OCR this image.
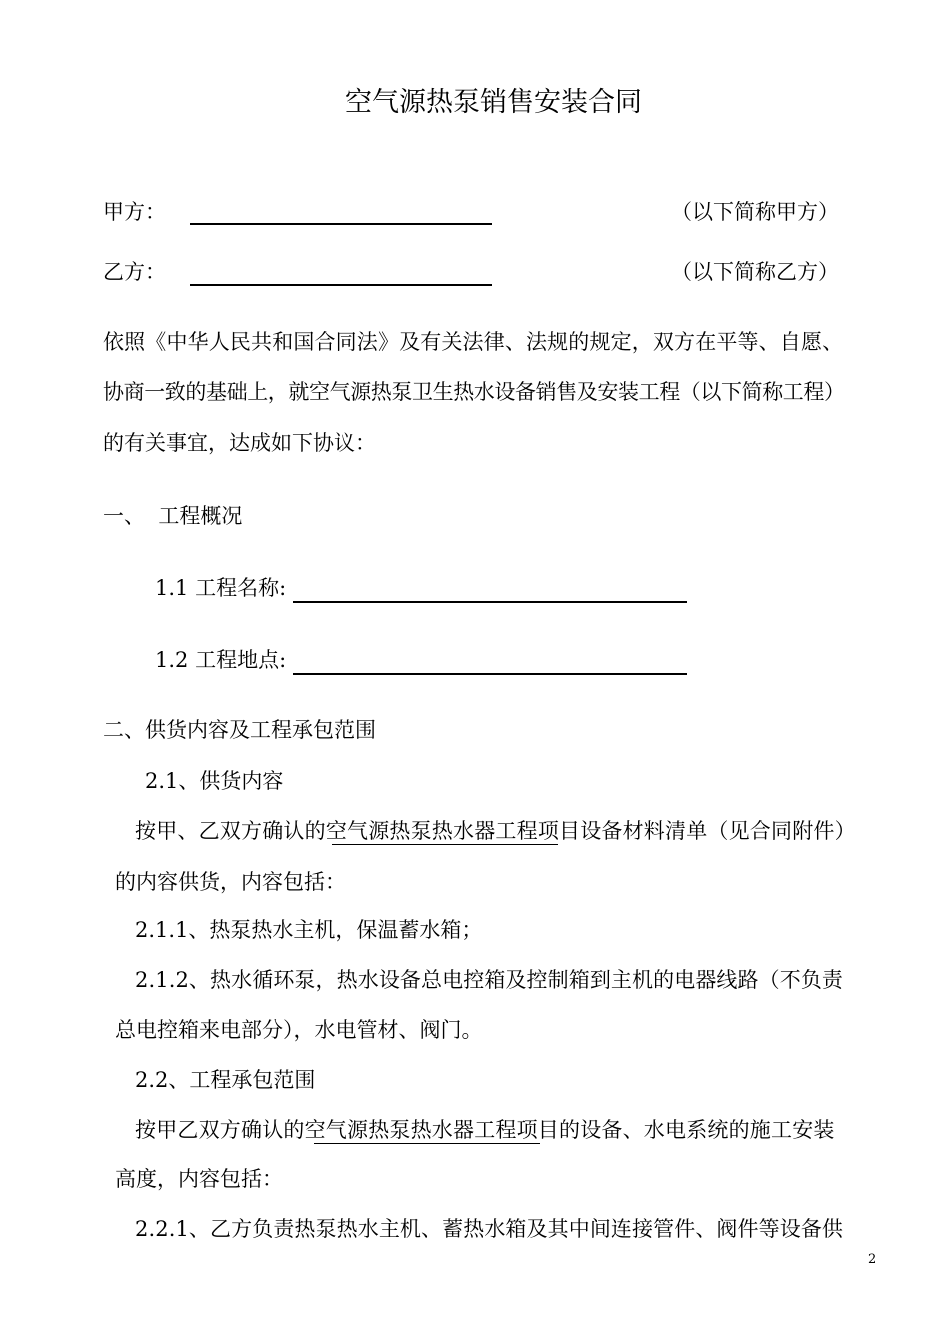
空气源热泵销售安装合同
甲方：	（以下简称甲方）
乙方：	（以下简称乙方）
依照《中华人民共和国合同法》及有关法律、法规的规定，双方在平等、自愿、
协商一致的基础上，就空气源热泵卫生热水设备销售及安装工程（以下简称工程）
的有关事宜，达成如下协议：
一、  工程概况
1.1 工程名称:
1.2 工程地点:
二、供货内容及工程承包范围
2.1、供货内容
按甲、乙双方确认的空气源热泵热水器工程项目设备材料清单（见合同附件）
的内容供货，内容包括：
2.1.1、热泵热水主机，保温蓄水箱；
2.1.2、热水循环泵，热水设备总电控箱及控制箱到主机的电器线路（不负责
总电控箱来电部分），水电管材、阀门。
2.2、工程承包范围
按甲乙双方确认的空气源热泵热水器工程项目的设备、水电系统的施工安装
高度，内容包括：
2.2.1、乙方负责热泵热水主机、蓄热水箱及其中间连接管件、阀件等设备供
2
